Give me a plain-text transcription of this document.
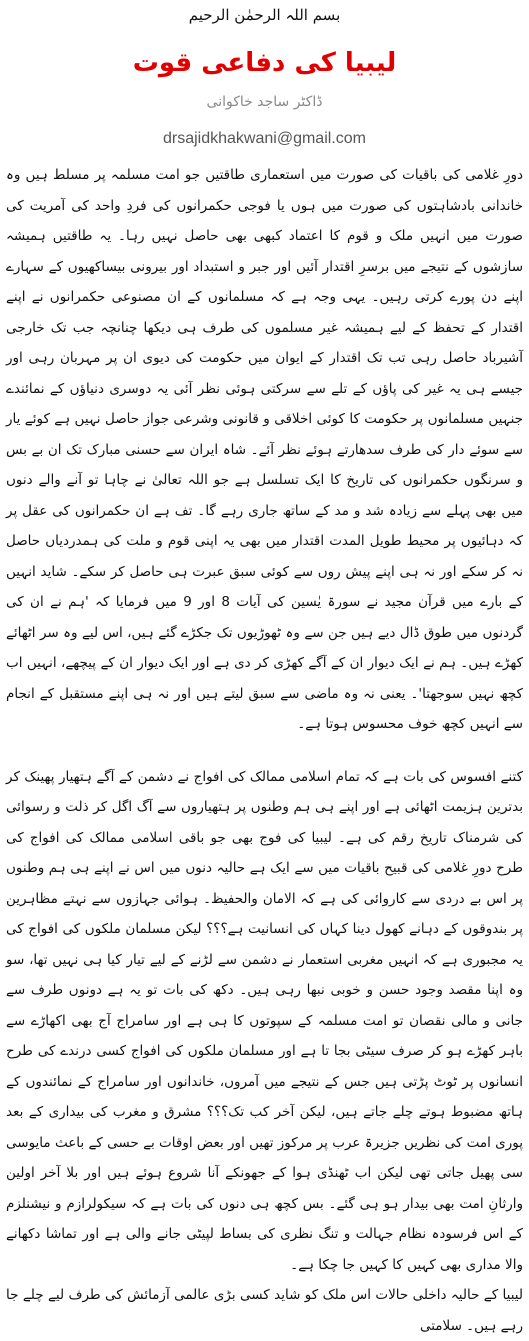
بسم اللہ الرحمٰن الرحیم
لیبیا کی دفاعی قوت
ڈاکٹر ساجد خاکوانی
drsajidkhakwani@gmail.com

دورِ غلامی کی باقیات کی صورت میں استعماری طاقتیں جو امت مسلمہ پر مسلط ہیں وہ خاندانی بادشاہتوں کی صورت میں ہوں یا فوجی حکمرانوں کی فردِ واحد کی آمریت کی صورت میں انہیں ملک و قوم کا اعتماد کبھی بھی حاصل نہیں رہا۔ یہ طاقتیں ہمیشہ سازشوں کے نتیجے میں برسرِ اقتدار آئیں اور جبر و استبداد اور بیرونی بیساکھیوں کے سہارے اپنے دن پورے کرتی رہیں۔ یہی وجہ ہے کہ مسلمانوں کے ان مصنوعی حکمرانوں نے اپنے اقتدار کے تحفظ کے لیے ہمیشہ غیر مسلموں کی طرف ہی دیکھا چنانچہ جب تک خارجی آشیرباد حاصل رہی تب تک اقتدار کے ایوان میں حکومت کی دیوی ان پر مہربان رہی اور جیسے ہی یہ غیر کی پاؤں کے تلے سے سرکتی ہوئی نظر آئی یہ دوسری دنیاؤں کے نمائندے جنہیں مسلمانوں پر حکومت کا کوئی اخلاقی و قانونی وشرعی جواز حاصل نہیں ہے کوئے یار سے سوئے دار کی طرف سدھارتے ہوئے نظر آئے۔ شاہ ایران سے حسنی مبارک تک ان بے بس و سرنگوں حکمرانوں کی تاریخ کا ایک تسلسل ہے جو اللہ تعالیٰ نے چاہا تو آنے والے دنوں میں بھی پہلے سے زیادہ شد و مد کے ساتھ جاری رہے گا۔ تف ہے ان حکمرانوں کی عقل پر کہ دہائیوں پر محیط طویل المدت اقتدار میں بھی یہ اپنی قوم و ملت کی ہمدردیاں حاصل نہ کر سکے اور نہ ہی اپنے پیش روں سے کوئی سبق عبرت ہی حاصل کر سکے۔ شاید انہیں کے بارے میں قرآن مجید نے سورۃ یٰسین کی آیات 8 اور 9 میں فرمایا کہ 'ہم نے ان کی گردنوں میں طوق ڈال دیے ہیں جن سے وہ ٹھوڑیوں تک جکڑے گئے ہیں، اس لیے وہ سر اٹھائے کھڑے ہیں۔ ہم نے ایک دیوار ان کے آگے کھڑی کر دی ہے اور ایک دیوار ان کے پیچھے، انہیں اب کچھ نہیں سوجھتا'۔ یعنی نہ وہ ماضی سے سبق لیتے ہیں اور نہ ہی اپنے مستقبل کے انجام سے انہیں کچھ خوف محسوس ہوتا ہے۔

کتنے افسوس کی بات ہے کہ تمام اسلامی ممالک کی افواج نے دشمن کے آگے ہتھیار پھینک کر بدترین ہزیمت اٹھائی ہے اور اپنے ہی ہم وطنوں پر ہتھیاروں سے آگ اگل کر ذلت و رسوائی کی شرمناک تاریخ رقم کی ہے۔ لیبیا کی فوج بھی جو باقی اسلامی ممالک کی افواج کی طرح دورِ غلامی کی قبیح باقیات میں سے ایک ہے حالیہ دنوں میں اس نے اپنے ہی ہم وطنوں پر اس بے دردی سے کاروائی کی ہے کہ الامان والحفیظ۔ ہوائی جہازوں سے نہتے مظاہرین پر بندوقوں کے دہانے کھول دینا کہاں کی انسانیت ہے؟؟؟ لیکن مسلمان ملکوں کی افواج کی یہ مجبوری ہے کہ انہیں مغربی استعمار نے دشمن سے لڑنے کے لیے تیار کیا ہی نہیں تھا، سو وہ اپنا مقصد وجود حسن و خوبی نبھا رہی ہیں۔ دکھ کی بات تو یہ ہے دونوں طرف سے جانی و مالی نقصان تو امت مسلمہ کے سپوتوں کا ہی ہے اور سامراج آج بھی اکھاڑے سے باہر کھڑے ہو کر صرف سیٹی بجا تا ہے اور مسلمان ملکوں کی افواج کسی درندے کی طرح انسانوں پر ٹوٹ پڑتی ہیں جس کے نتیجے میں آمروں، خاندانوں اور سامراج کے نمائندوں کے ہاتھ مضبوط ہوتے چلے جاتے ہیں، لیکن آخر کب تک؟؟؟ مشرق و مغرب کی بیداری کے بعد پوری امت کی نظریں جزیرۃ عرب پر مرکوز تھیں اور بعض اوقات بے حسی کے باعث مایوسی سی پھیل جاتی تھی لیکن اب ٹھنڈی ہوا کے جھونکے آنا شروع ہوئے ہیں اور بلا آخر اولین وارثانِ امت بھی بیدار ہو ہی گئے۔ بس کچھ ہی دنوں کی بات ہے کہ سیکولرازم و نیشنلزم کے اس فرسودہ نظام جہالت و تنگ نظری کی بساط لپیٹی جانے والی ہے اور تماشا دکھانے والا مداری بھی کہیں کا کہیں جا چکا ہے۔

لیبیا کے حالیہ داخلی حالات اس ملک کو شاید کسی بڑی عالمی آزمائش کی طرف لیے چلے جا رہے ہیں۔ سلامتی
